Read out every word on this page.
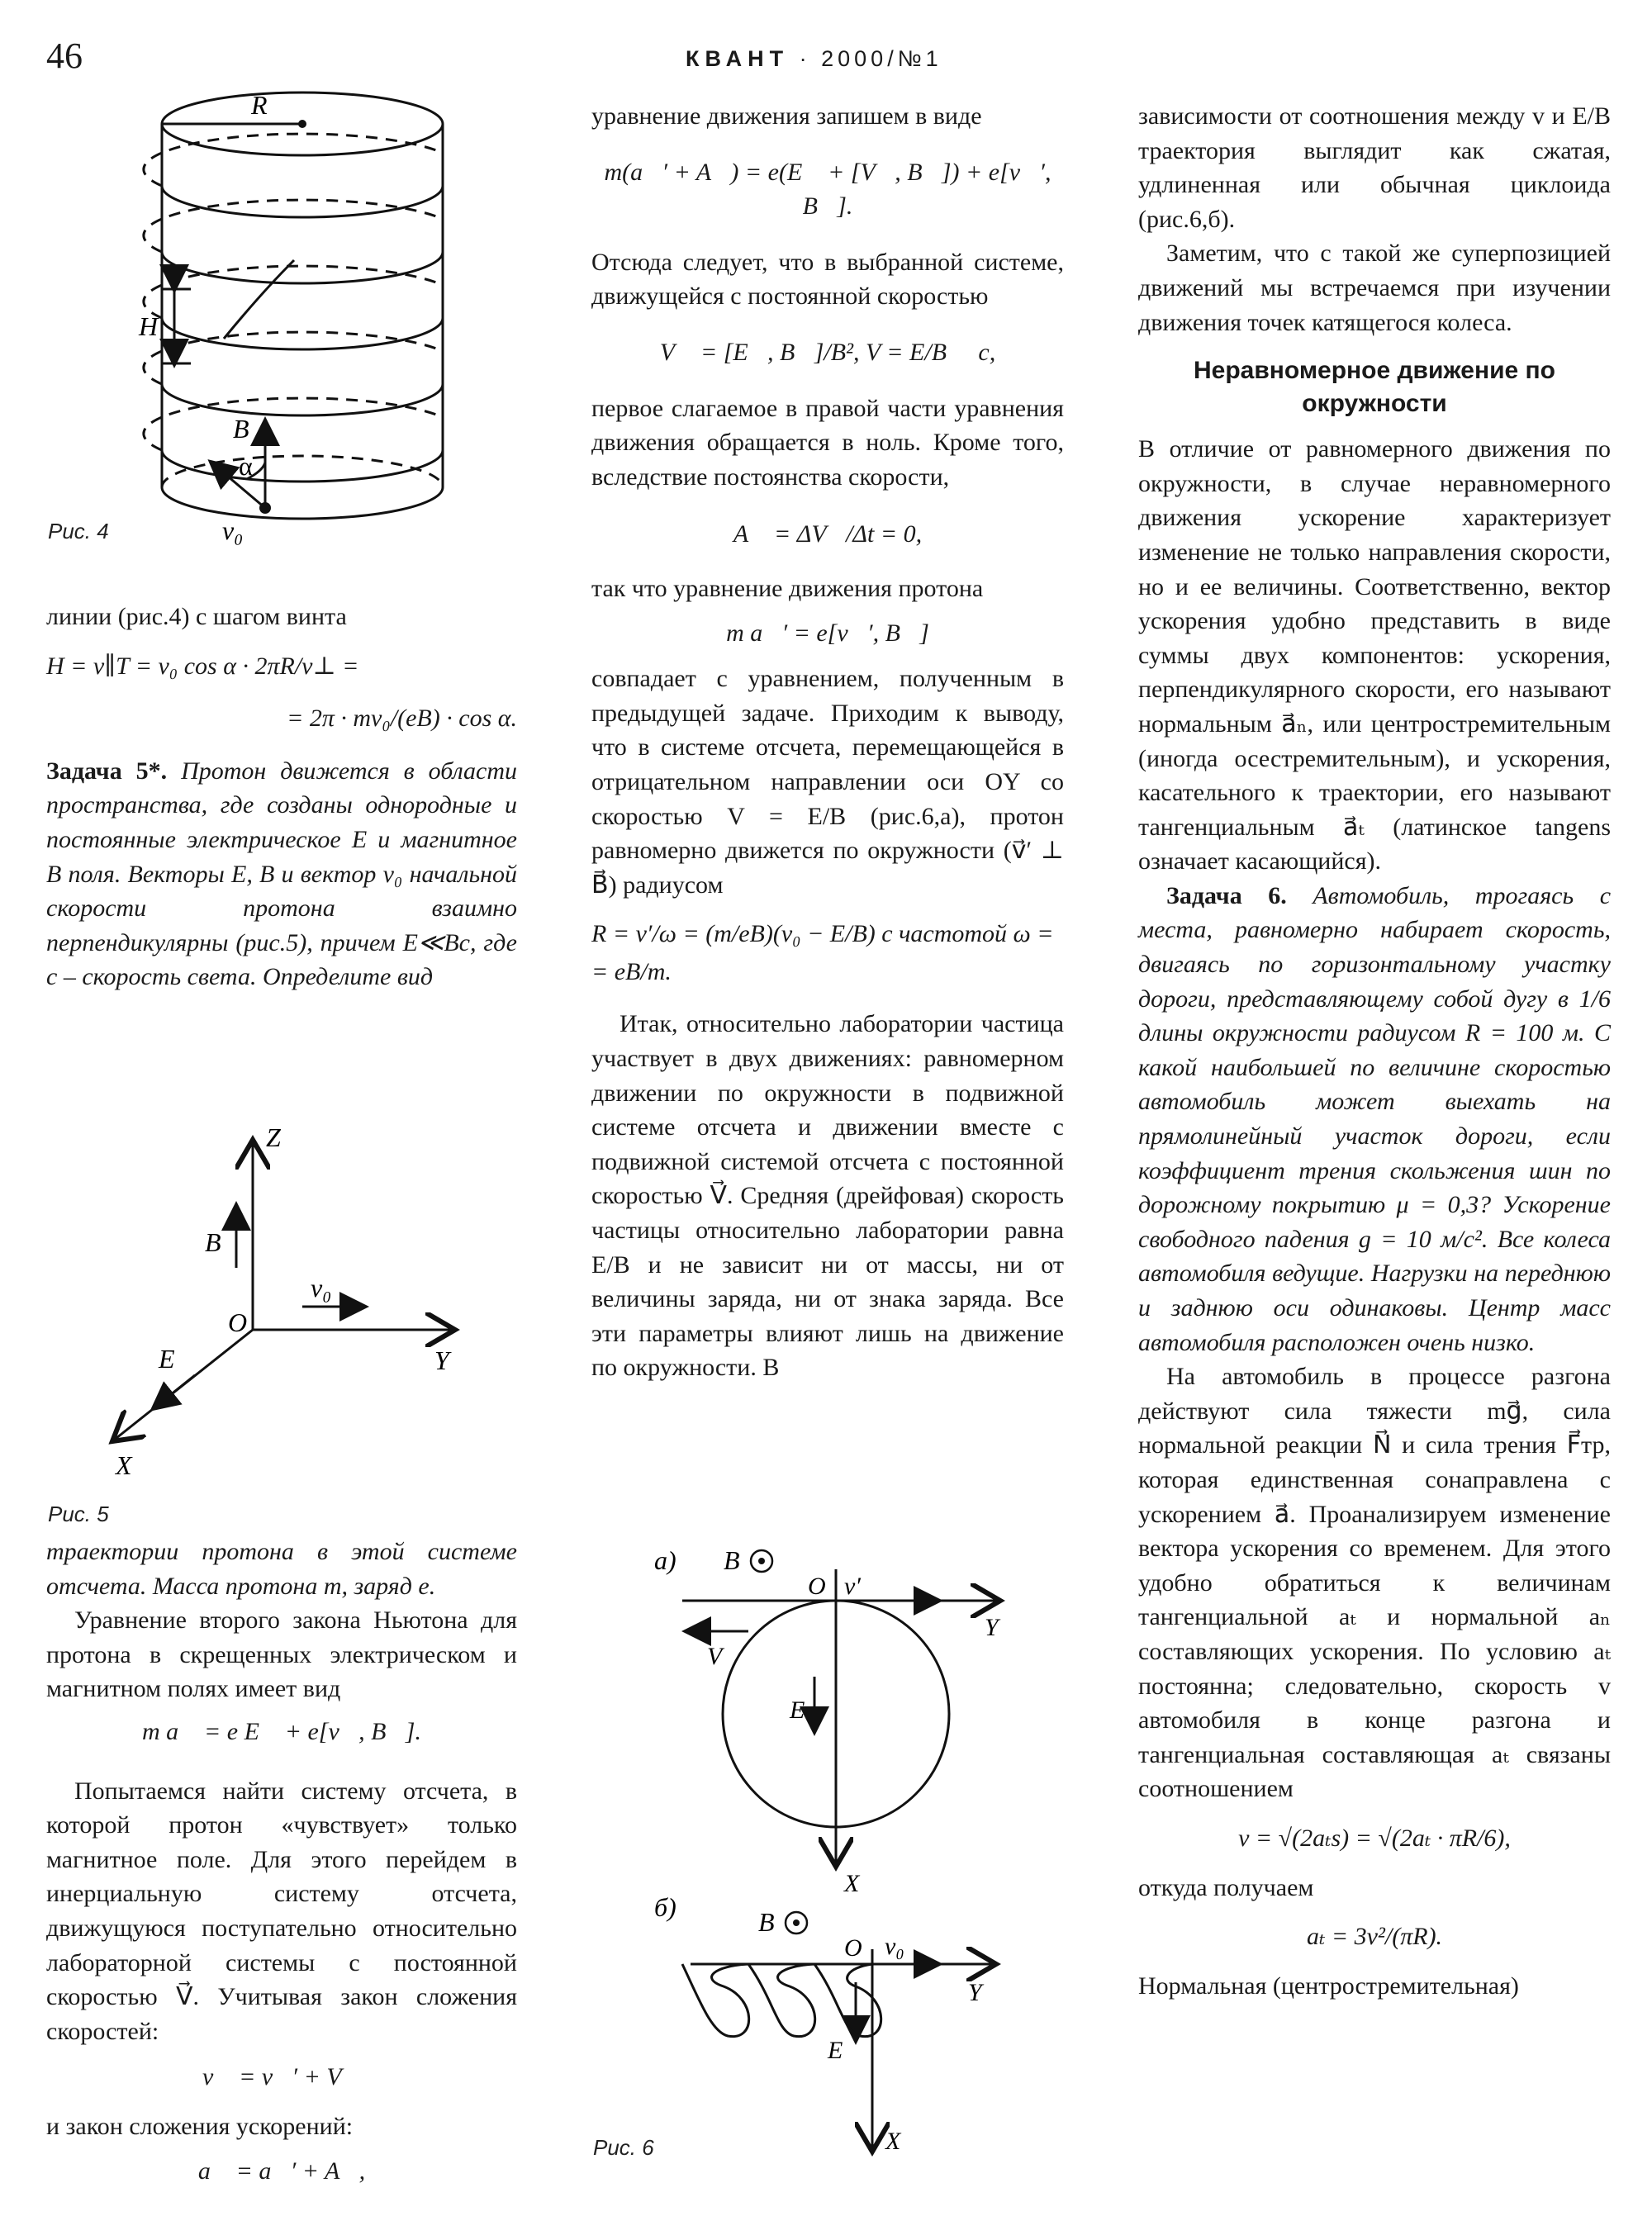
46	КВАНТ · 2000/№1
R
H
B
α
v₀
Рис. 4

линии (рис.4) с шагом винта

H = v∥T = v₀ cos α · 2πR/v⊥ =

= 2π · mv₀/(eB) · cos α.

Задача 5*. Протон движется в области пространства, где созданы однородные и постоянные электрическое E и магнитное B поля. Векторы E, B и вектор v₀ начальной скорости протона взаимно перпендикулярны (рис.5), причем E≪Bc, где c – скорость света. Определите вид

Z
Y
X
O
B
E
v₀
Рис. 5

траектории протона в этой системе отсчета. Масса протона m, заряд e.

Уравнение второго закона Ньютона для протона в скрещенных электрическом и магнитном полях имеет вид

m a⃗ = e E⃗ + e[v⃗, B⃗].

Попытаемся найти систему отсчета, в которой протон «чувствует» только магнитное поле. Для этого перейдем в инерциальную систему отсчета, движущуюся поступательно относительно лабораторной системы с постоянной скоростью V⃗. Учитывая закон сложения скоростей:

v⃗ = v⃗′ + V⃗

и закон сложения ускорений:

a⃗ = a⃗′ + A⃗,

уравнение движения запишем в виде

m(a⃗′ + A⃗) = e(E⃗ + [V⃗, B⃗]) + e[v⃗′, B⃗].

Отсюда следует, что в выбранной системе, движущейся с постоянной скоростью

V⃗ = [E⃗, B⃗]/B², V = E/B ≪ c,

первое слагаемое в правой части уравнения движения обращается в ноль. Кроме того, вследствие постоянства скорости,

A⃗ = ΔV⃗/Δt = 0,

так что уравнение движения протона

m a⃗′ = e[v⃗′, B⃗]

совпадает с уравнением, полученным в предыдущей задаче. Приходим к выводу, что в системе отсчета, перемещающейся в отрицательном направлении оси OY со скоростью V = E/B (рис.6,а), протон равномерно движется по окружности (v⃗′ ⊥ B⃗) радиусом

R = v′/ω = (m/eB)(v₀ − E/B) с частотой ω =

= eB/m.

Итак, относительно лаборатории частица участвует в двух движениях: равномерном движении по окружности в подвижной системе отсчета и движении вместе с подвижной системой отсчета с постоянной скоростью V⃗. Средняя (дрейфовая) скорость частицы относительно лаборатории равна E/B и не зависит ни от массы, ни от величины заряда, ни от знака заряда. Все эти параметры влияют лишь на движение по окружности. В

а) B
O v′
Y
V
E
X
б)	B
O v₀
Y
E
X
Рис. 6

зависимости от соотношения между v и E/B траектория выглядит как сжатая, удлиненная или обычная циклоида (рис.6,б).

Заметим, что с такой же суперпозицией движений мы встречаемся при изучении движения точек катящегося колеса.

Неравномерное движение по окружности

В отличие от равномерного движения по окружности, в случае неравномерного движения ускорение характеризует изменение не только направления скорости, но и ее величины. Соответственно, вектор ускорения удобно представить в виде суммы двух компонентов: ускорения, перпендикулярного скорости, его называют нормальным a⃗ₙ, или центростремительным (иногда осестремительным), и ускорения, касательного к траектории, его называют тангенциальным a⃗ₜ (латинское tangens означает касающийся).

Задача 6. Автомобиль, трогаясь с места, равномерно набирает скорость, двигаясь по горизонтальному участку дороги, представляющему собой дугу в 1/6 длины окружности радиусом R = 100 м. С какой наибольшей по величине скоростью автомобиль может выехать на прямолинейный участок дороги, если коэффициент трения скольжения шин по дорожному покрытию μ = 0,3? Ускорение свободного падения g = 10 м/c². Все колеса автомобиля ведущие. Нагрузки на переднюю и заднюю оси одинаковы. Центр масс автомобиля расположен очень низко.

На автомобиль в процессе разгона действуют сила тяжести mg⃗, сила нормальной реакции N⃗ и сила трения F⃗тр, которая единственная сонаправлена с ускорением a⃗. Проанализируем изменение вектора ускорения со временем. Для этого удобно обратиться к величинам тангенциальной aₜ и нормальной aₙ составляющих ускорения. По условию aₜ постоянна; следовательно, скорость v автомобиля в конце разгона и тангенциальная составляющая aₜ связаны соотношением

v = √(2aₜs) = √(2aₜ · πR/6),

откуда получаем

aₜ = 3v²/(πR).

Нормальная (центростремительная)
